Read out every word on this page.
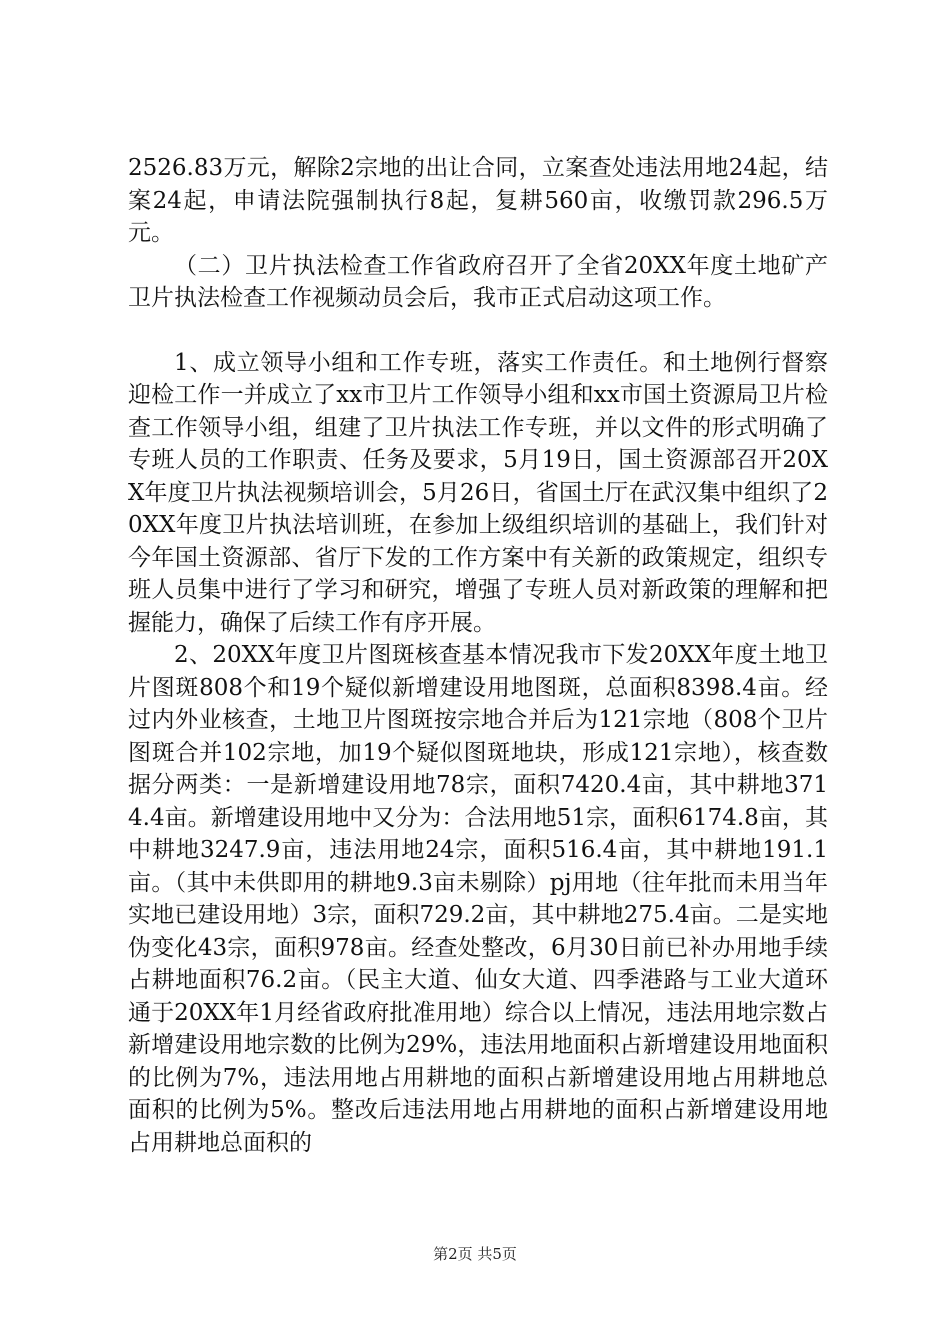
2526.83万元，解除2宗地的出让合同，立案查处违法用地24起，结案24起，申请法院强制执行8起，复耕560亩，收缴罚款296.5万元。

（二）卫片执法检查工作省政府召开了全省20XX年度土地矿产卫片执法检查工作视频动员会后，我市正式启动这项工作。

1、成立领导小组和工作专班，落实工作责任。和土地例行督察迎检工作一并成立了xx市卫片工作领导小组和xx市国土资源局卫片检查工作领导小组，组建了卫片执法工作专班，并以文件的形式明确了专班人员的工作职责、任务及要求，5月19日，国土资源部召开20XX年度卫片执法视频培训会，5月26日，省国土厅在武汉集中组织了20XX年度卫片执法培训班，在参加上级组织培训的基础上，我们针对今年国土资源部、省厅下发的工作方案中有关新的政策规定，组织专班人员集中进行了学习和研究，增强了专班人员对新政策的理解和把握能力，确保了后续工作有序开展。

2、20XX年度卫片图斑核查基本情况我市下发20XX年度土地卫片图斑808个和19个疑似新增建设用地图斑，总面积8398.4亩。经过内外业核查，土地卫片图斑按宗地合并后为121宗地（808个卫片图斑合并102宗地，加19个疑似图斑地块，形成121宗地），核查数据分两类：一是新增建设用地78宗，面积7420.4亩，其中耕地3714.4亩。新增建设用地中又分为：合法用地51宗，面积6174.8亩，其中耕地3247.9亩，违法用地24宗，面积516.4亩，其中耕地191.1亩。（其中未供即用的耕地9.3亩未剔除）pj用地（往年批而未用当年实地已建设用地）3宗，面积729.2亩，其中耕地275.4亩。二是实地伪变化43宗，面积978亩。经查处整改，6月30日前已补办用地手续占耕地面积76.2亩。（民主大道、仙女大道、四季港路与工业大道环通于20XX年1月经省政府批准用地）综合以上情况，违法用地宗数占新增建设用地宗数的比例为29%，违法用地面积占新增建设用地面积的比例为7%，违法用地占用耕地的面积占新增建设用地占用耕地总面积的比例为5%。整改后违法用地占用耕地的面积占新增建设用地占用耕地总面积的

第2页 共5页
